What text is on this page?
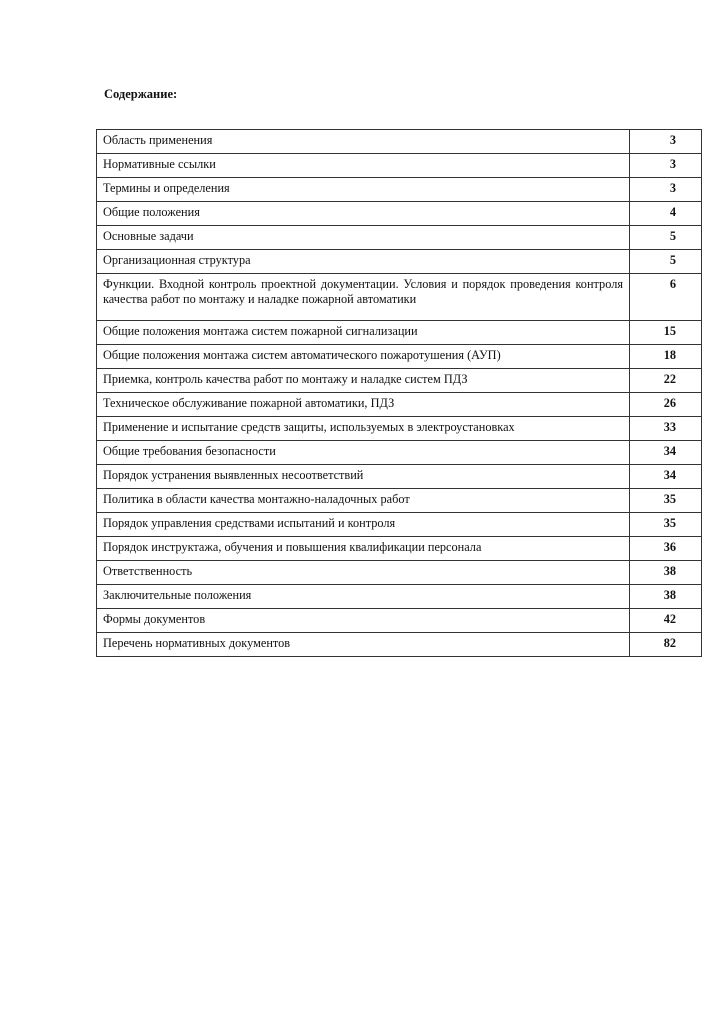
Содержание:
Область применения	3
Нормативные ссылки	3
Термины и определения	3
Общие положения	4
Основные задачи	5
Организационная структура	5
Функции. Входной контроль проектной документации. Условия и порядок проведения контроля качества работ по монтажу и наладке пожарной автоматики	6
Общие положения монтажа систем пожарной сигнализации	15
Общие положения монтажа систем автоматического пожаротушения (АУП)	18
Приемка, контроль качества работ по монтажу и наладке систем ПДЗ	22
Техническое обслуживание пожарной автоматики, ПДЗ	26
Применение и испытание средств защиты, используемых в электроустановках	33
Общие требования безопасности	34
Порядок устранения выявленных несоответствий	34
Политика в области качества монтажно-наладочных работ	35
Порядок управления средствами испытаний и контроля	35
Порядок инструктажа, обучения и повышения квалификации персонала	36
Ответственность	38
Заключительные положения	38
Формы документов	42
Перечень нормативных документов	82
